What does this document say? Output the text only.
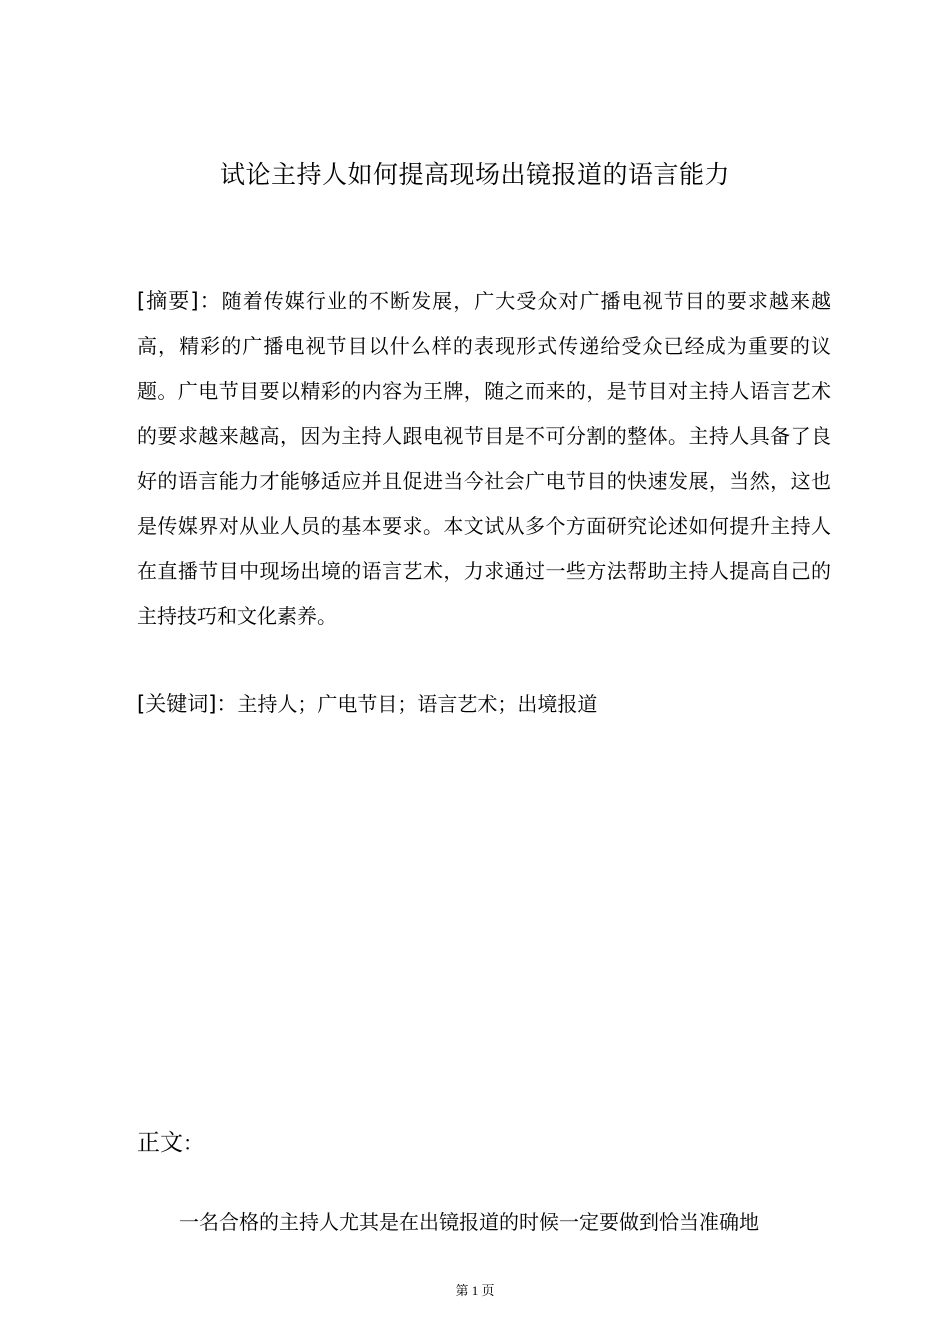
试论主持人如何提高现场出镜报道的语言能力

[摘要]：随着传媒行业的不断发展，广大受众对广播电视节目的要求越来越高，精彩的广播电视节目以什么样的表现形式传递给受众已经成为重要的议题。广电节目要以精彩的内容为王牌，随之而来的，是节目对主持人语言艺术的要求越来越高，因为主持人跟电视节目是不可分割的整体。主持人具备了良好的语言能力才能够适应并且促进当今社会广电节目的快速发展，当然，这也是传媒界对从业人员的基本要求。本文试从多个方面研究论述如何提升主持人在直播节目中现场出境的语言艺术，力求通过一些方法帮助主持人提高自己的主持技巧和文化素养。

[关键词]：主持人；广电节目；语言艺术；出境报道

正文：

一名合格的主持人尤其是在出镜报道的时候一定要做到恰当准确地

第 1 页
